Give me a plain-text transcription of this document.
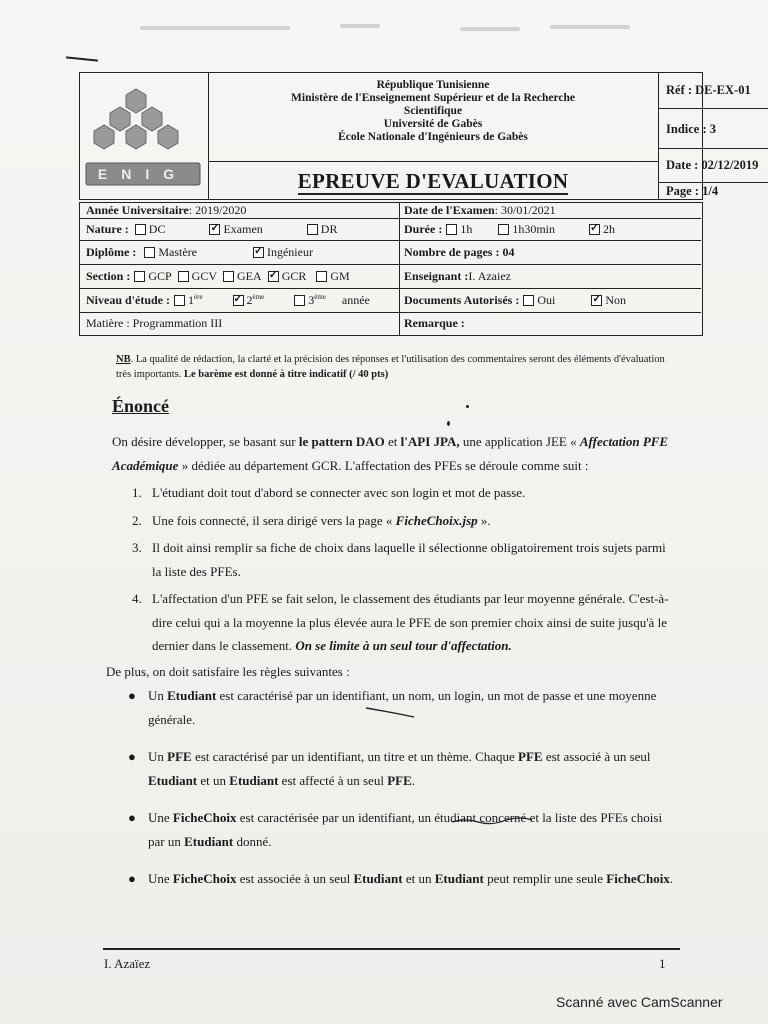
ENIG
République Tunisienne
Ministère de l'Enseignement Supérieur et de la Recherche
Scientifique
Université de Gabès
École Nationale d'Ingénieurs de Gabès
EPREUVE D'EVALUATION
Réf : DE-EX-01
Indice : 3
Date : 02/12/2019
Page : 1/4
Année Universitaire : 2019/2020	Date de l'Examen : 30/01/2021
Nature : DC ✓	Examen	DR	Durée : 1h	1h30min ✓	2h
Diplôme : Mastère ✓	Ingénieur	Nombre de pages : 04
Section : GCP GCV GEA ✓ GCR GM	Enseignant : I. Azaiez
Niveau d'étude : 1ère ✓	2ème	3ème année	Documents Autorisés : Oui ✓	Non
Matière : Programmation III	Remarque :
NB. La qualité de rédaction, la clarté et la précision des réponses et l'utilisation des commentaires seront des éléments d'évaluation très importants. Le barème est donné à titre indicatif (/ 40 pts)
Énoncé
On désire développer, se basant sur le pattern DAO et l'API JPA, une application JEE « Affectation PFE Académique » dédiée au département GCR. L'affectation des PFEs se déroule comme suit :
1. L'étudiant doit tout d'abord se connecter avec son login et mot de passe.
2. Une fois connecté, il sera dirigé vers la page « FicheChoix.jsp ».
3. Il doit ainsi remplir sa fiche de choix dans laquelle il sélectionne obligatoirement trois sujets parmi la liste des PFEs.
4. L'affectation d'un PFE se fait selon, le classement des étudiants par leur moyenne générale. C'est-à-dire celui qui a la moyenne la plus élevée aura le PFE de son premier choix ainsi de suite jusqu'à le dernier dans le classement. On se limite à un seul tour d'affectation.
De plus, on doit satisfaire les règles suivantes :
● Un Etudiant est caractérisé par un identifiant, un nom, un login, un mot de passe et une moyenne générale.
● Un PFE est caractérisé par un identifiant, un titre et un thème. Chaque PFE est associé à un seul Etudiant et un Etudiant est affecté à un seul PFE.
● Une FicheChoix est caractérisée par un identifiant, un étudiant concerné et la liste des PFEs choisi par un Etudiant donné.
● Une FicheChoix est associée à un seul Etudiant et un Etudiant peut remplir une seule FicheChoix.
I. Azaïez	1
Scanné avec CamScanner
